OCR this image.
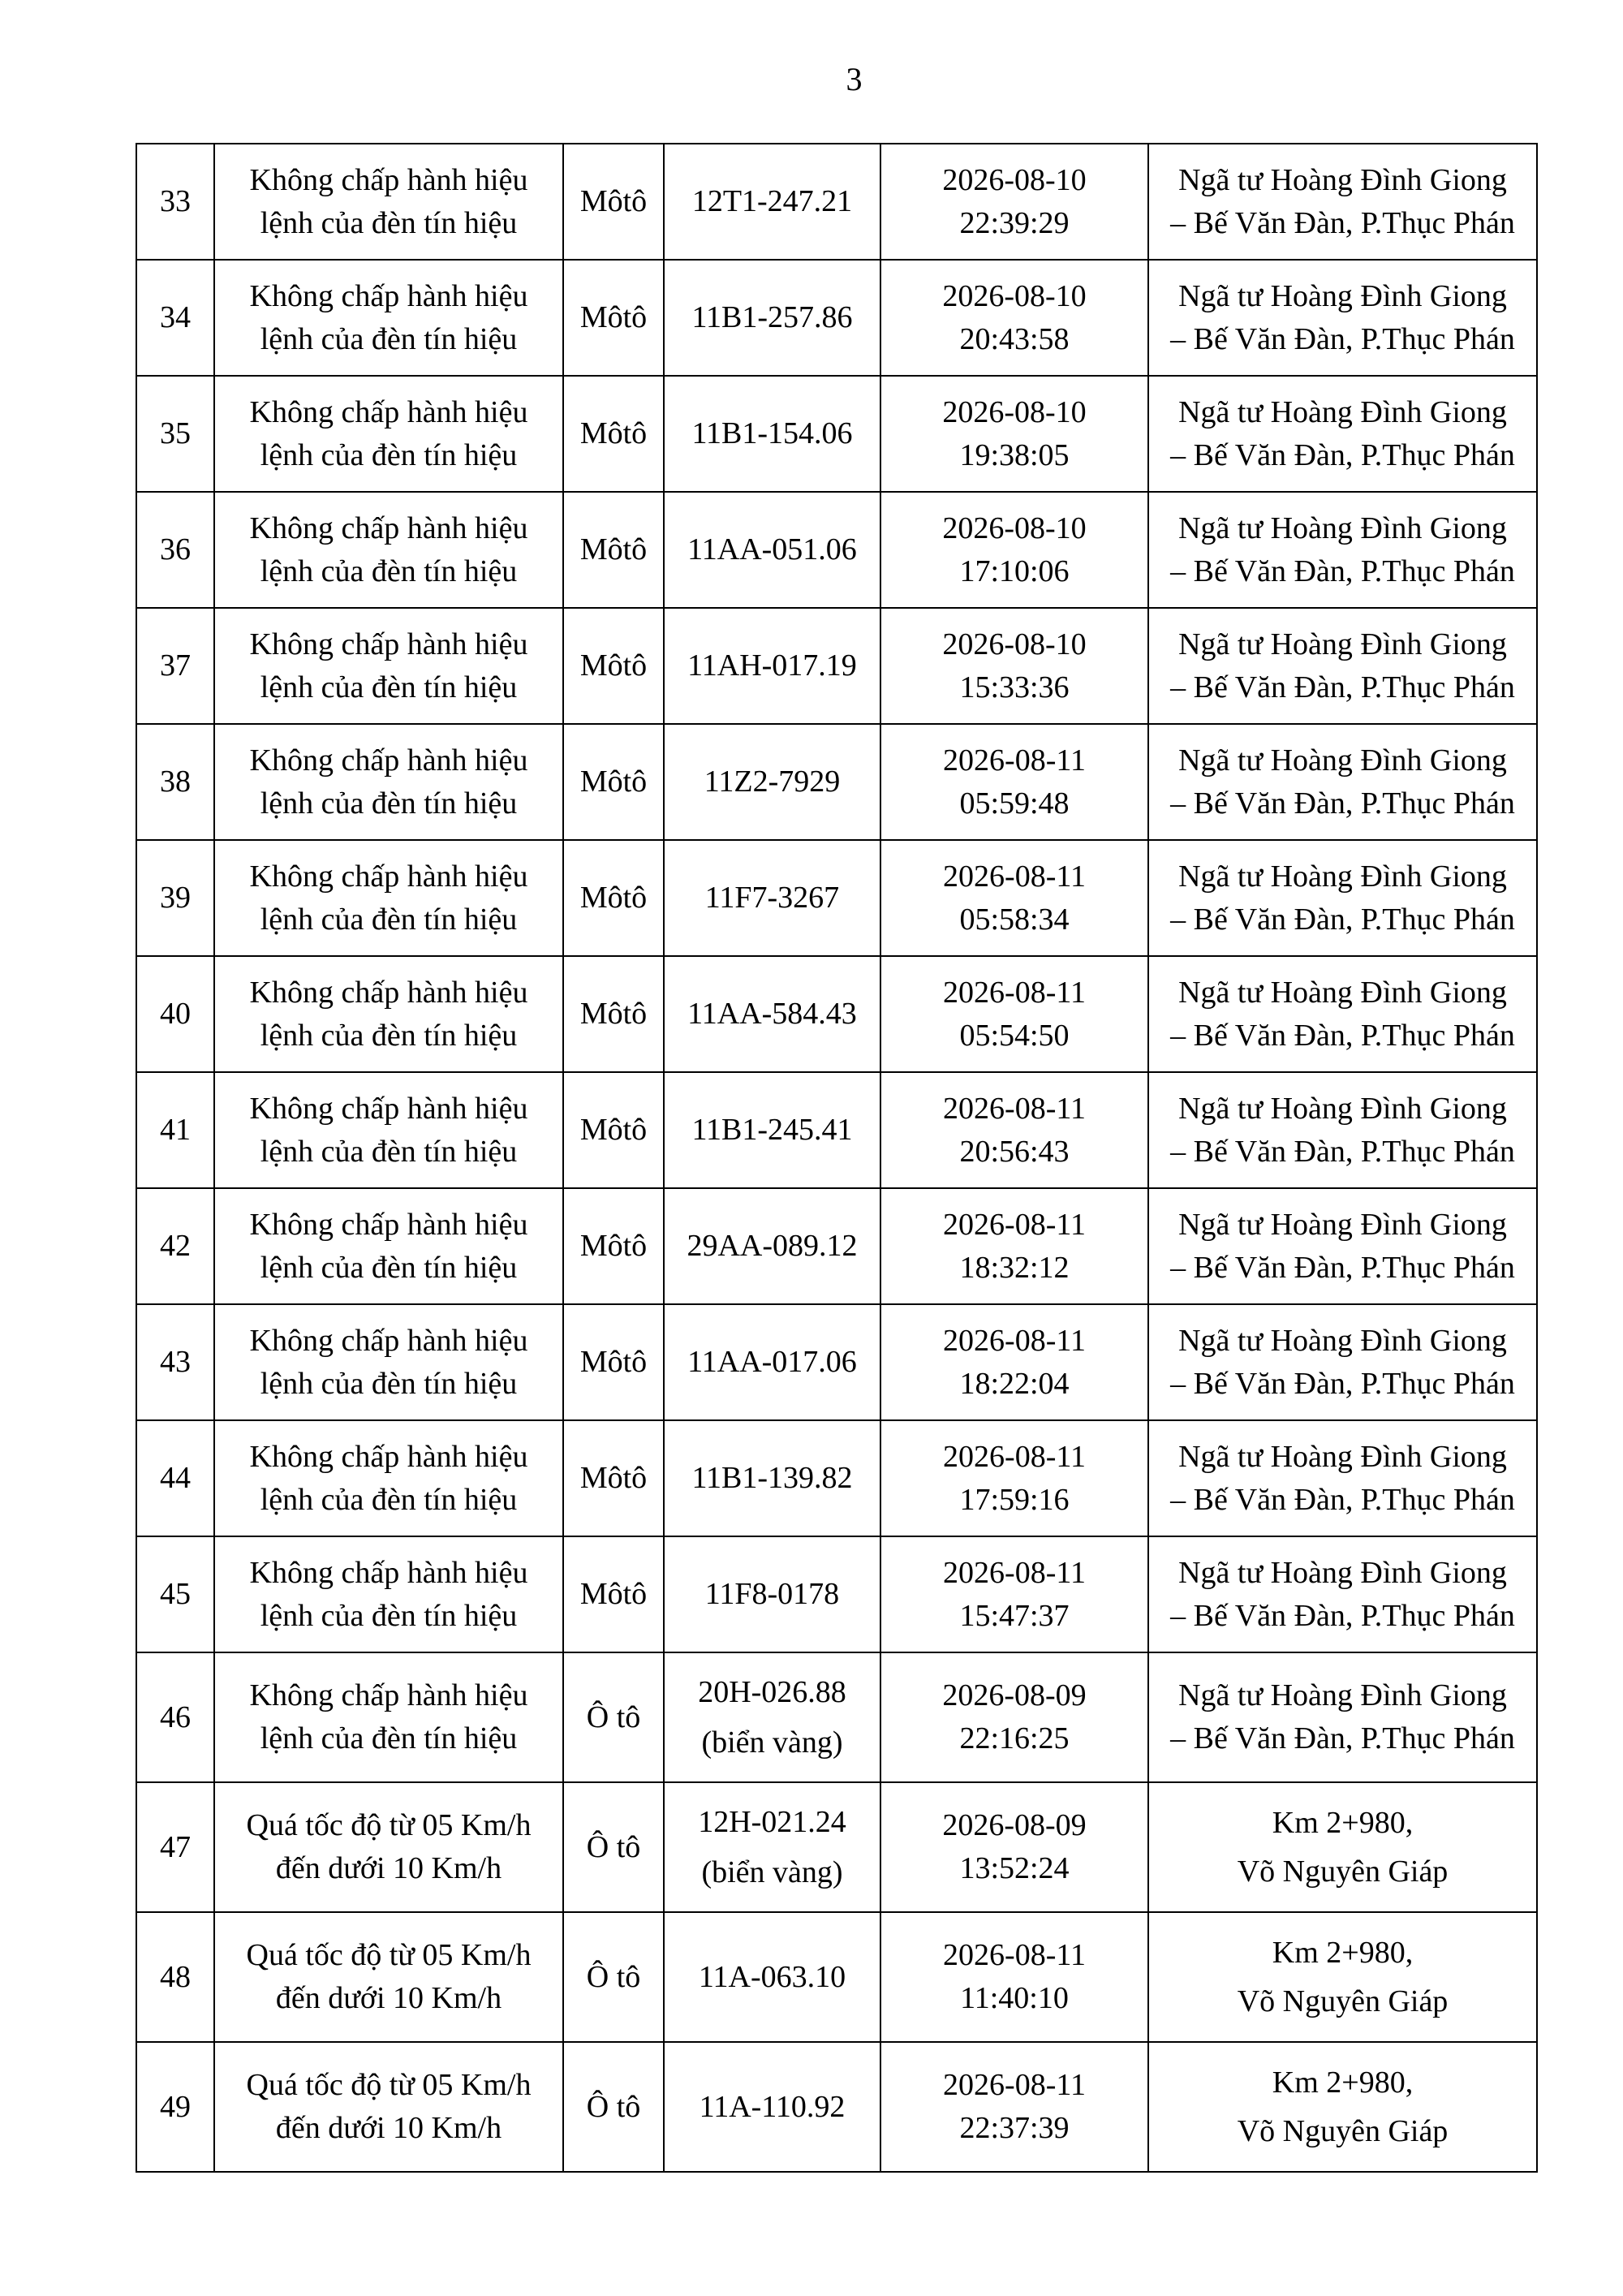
3
33	Không chấp hành hiệu
lệnh của đèn tín hiệu	Môtô	12T1-247.21	2026-08-10
22:39:29	Ngã tư Hoàng Đình Giong
– Bế Văn Đàn, P.Thục Phán

34	Không chấp hành hiệu
lệnh của đèn tín hiệu	Môtô	11B1-257.86	2026-08-10
20:43:58	Ngã tư Hoàng Đình Giong
– Bế Văn Đàn, P.Thục Phán

35	Không chấp hành hiệu
lệnh của đèn tín hiệu	Môtô	11B1-154.06	2026-08-10
19:38:05	Ngã tư Hoàng Đình Giong
– Bế Văn Đàn, P.Thục Phán

36	Không chấp hành hiệu
lệnh của đèn tín hiệu	Môtô	11AA-051.06	2026-08-10
17:10:06	Ngã tư Hoàng Đình Giong
– Bế Văn Đàn, P.Thục Phán

37	Không chấp hành hiệu
lệnh của đèn tín hiệu	Môtô	11AH-017.19	2026-08-10
15:33:36	Ngã tư Hoàng Đình Giong
– Bế Văn Đàn, P.Thục Phán

38	Không chấp hành hiệu
lệnh của đèn tín hiệu	Môtô	11Z2-7929	2026-08-11
05:59:48	Ngã tư Hoàng Đình Giong
– Bế Văn Đàn, P.Thục Phán

39	Không chấp hành hiệu
lệnh của đèn tín hiệu	Môtô	11F7-3267	2026-08-11
05:58:34	Ngã tư Hoàng Đình Giong
– Bế Văn Đàn, P.Thục Phán

40	Không chấp hành hiệu
lệnh của đèn tín hiệu	Môtô	11AA-584.43	2026-08-11
05:54:50	Ngã tư Hoàng Đình Giong
– Bế Văn Đàn, P.Thục Phán

41	Không chấp hành hiệu
lệnh của đèn tín hiệu	Môtô	11B1-245.41	2026-08-11
20:56:43	Ngã tư Hoàng Đình Giong
– Bế Văn Đàn, P.Thục Phán

42	Không chấp hành hiệu
lệnh của đèn tín hiệu	Môtô	29AA-089.12	2026-08-11
18:32:12	Ngã tư Hoàng Đình Giong
– Bế Văn Đàn, P.Thục Phán

43	Không chấp hành hiệu
lệnh của đèn tín hiệu	Môtô	11AA-017.06	2026-08-11
18:22:04	Ngã tư Hoàng Đình Giong
– Bế Văn Đàn, P.Thục Phán

44	Không chấp hành hiệu
lệnh của đèn tín hiệu	Môtô	11B1-139.82	2026-08-11
17:59:16	Ngã tư Hoàng Đình Giong
– Bế Văn Đàn, P.Thục Phán

45	Không chấp hành hiệu
lệnh của đèn tín hiệu	Môtô	11F8-0178	2026-08-11
15:47:37	Ngã tư Hoàng Đình Giong
– Bế Văn Đàn, P.Thục Phán

46	Không chấp hành hiệu
lệnh của đèn tín hiệu	Ô tô	20H-026.88
(biển vàng)	2026-08-09
22:16:25	Ngã tư Hoàng Đình Giong
– Bế Văn Đàn, P.Thục Phán

47	Quá tốc độ từ 05 Km/h
đến dưới 10 Km/h	Ô tô	12H-021.24
(biển vàng)	2026-08-09
13:52:24	Km 2+980,
Võ Nguyên Giáp

48	Quá tốc độ từ 05 Km/h
đến dưới 10 Km/h	Ô tô	11A-063.10	2026-08-11
11:40:10	Km 2+980,
Võ Nguyên Giáp

49	Quá tốc độ từ 05 Km/h
đến dưới 10 Km/h	Ô tô	11A-110.92	2026-08-11
22:37:39	Km 2+980,
Võ Nguyên Giáp
